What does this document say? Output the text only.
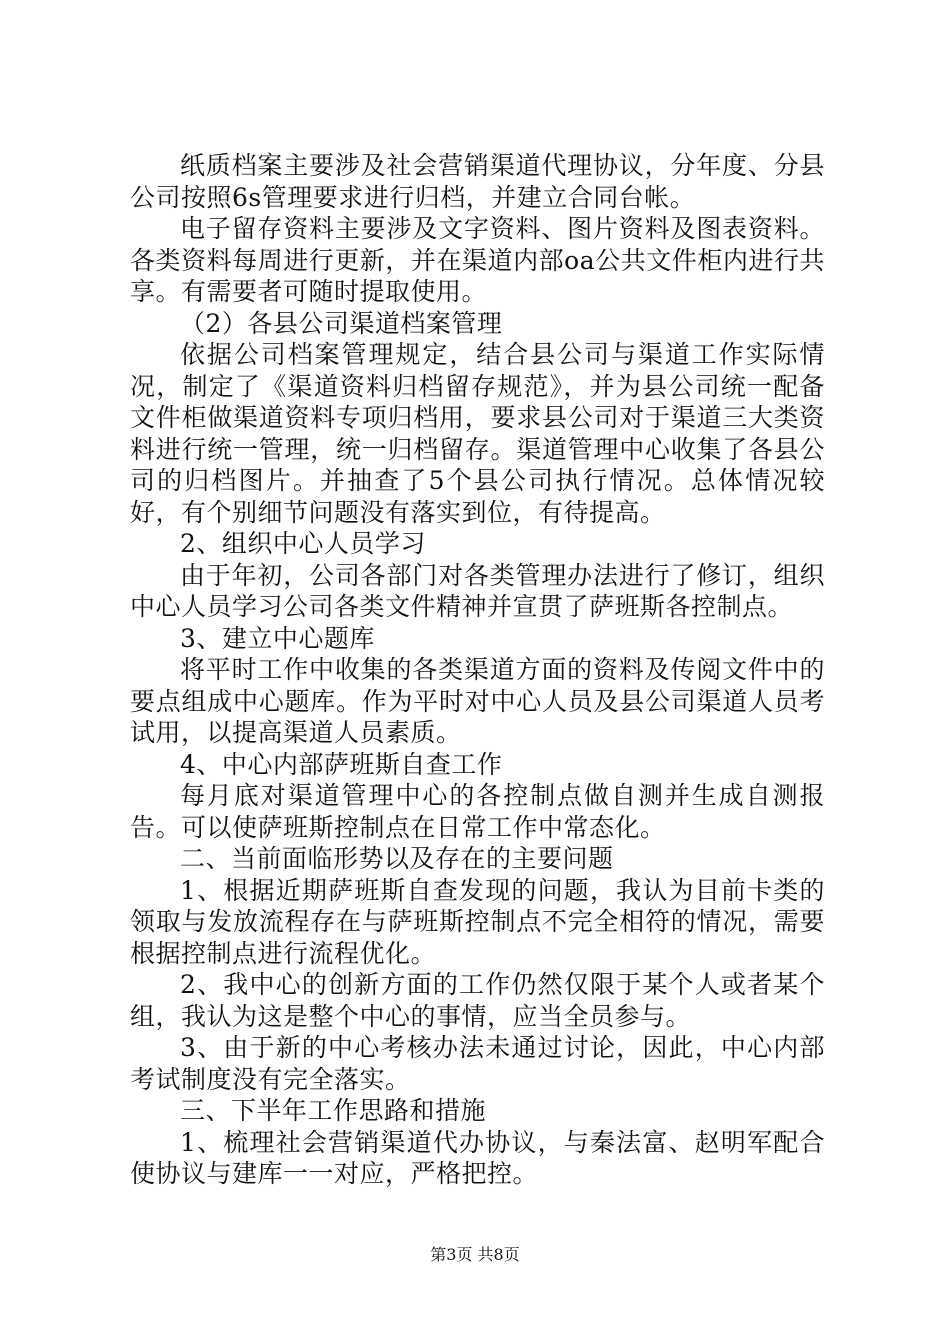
纸质档案主要涉及社会营销渠道代理协议，分年度、分县公司按照6s管理要求进行归档，并建立合同台帐。

电子留存资料主要涉及文字资料、图片资料及图表资料。各类资料每周进行更新，并在渠道内部oa公共文件柜内进行共享。有需要者可随时提取使用。

（2）各县公司渠道档案管理

依据公司档案管理规定，结合县公司与渠道工作实际情况，制定了《渠道资料归档留存规范》，并为县公司统一配备文件柜做渠道资料专项归档用，要求县公司对于渠道三大类资料进行统一管理，统一归档留存。渠道管理中心收集了各县公司的归档图片。并抽查了5个县公司执行情况。总体情况较好，有个别细节问题没有落实到位，有待提高。

2、组织中心人员学习

由于年初，公司各部门对各类管理办法进行了修订，组织中心人员学习公司各类文件精神并宣贯了萨班斯各控制点。

3、建立中心题库

将平时工作中收集的各类渠道方面的资料及传阅文件中的要点组成中心题库。作为平时对中心人员及县公司渠道人员考试用，以提高渠道人员素质。

4、中心内部萨班斯自查工作

每月底对渠道管理中心的各控制点做自测并生成自测报告。可以使萨班斯控制点在日常工作中常态化。

二、当前面临形势以及存在的主要问题

1、根据近期萨班斯自查发现的问题，我认为目前卡类的领取与发放流程存在与萨班斯控制点不完全相符的情况，需要根据控制点进行流程优化。

2、我中心的创新方面的工作仍然仅限于某个人或者某个组，我认为这是整个中心的事情，应当全员参与。

3、由于新的中心考核办法未通过讨论，因此，中心内部考试制度没有完全落实。

三、下半年工作思路和措施

1、梳理社会营销渠道代办协议，与秦法富、赵明军配合使协议与建库一一对应，严格把控。

第3页 共8页
